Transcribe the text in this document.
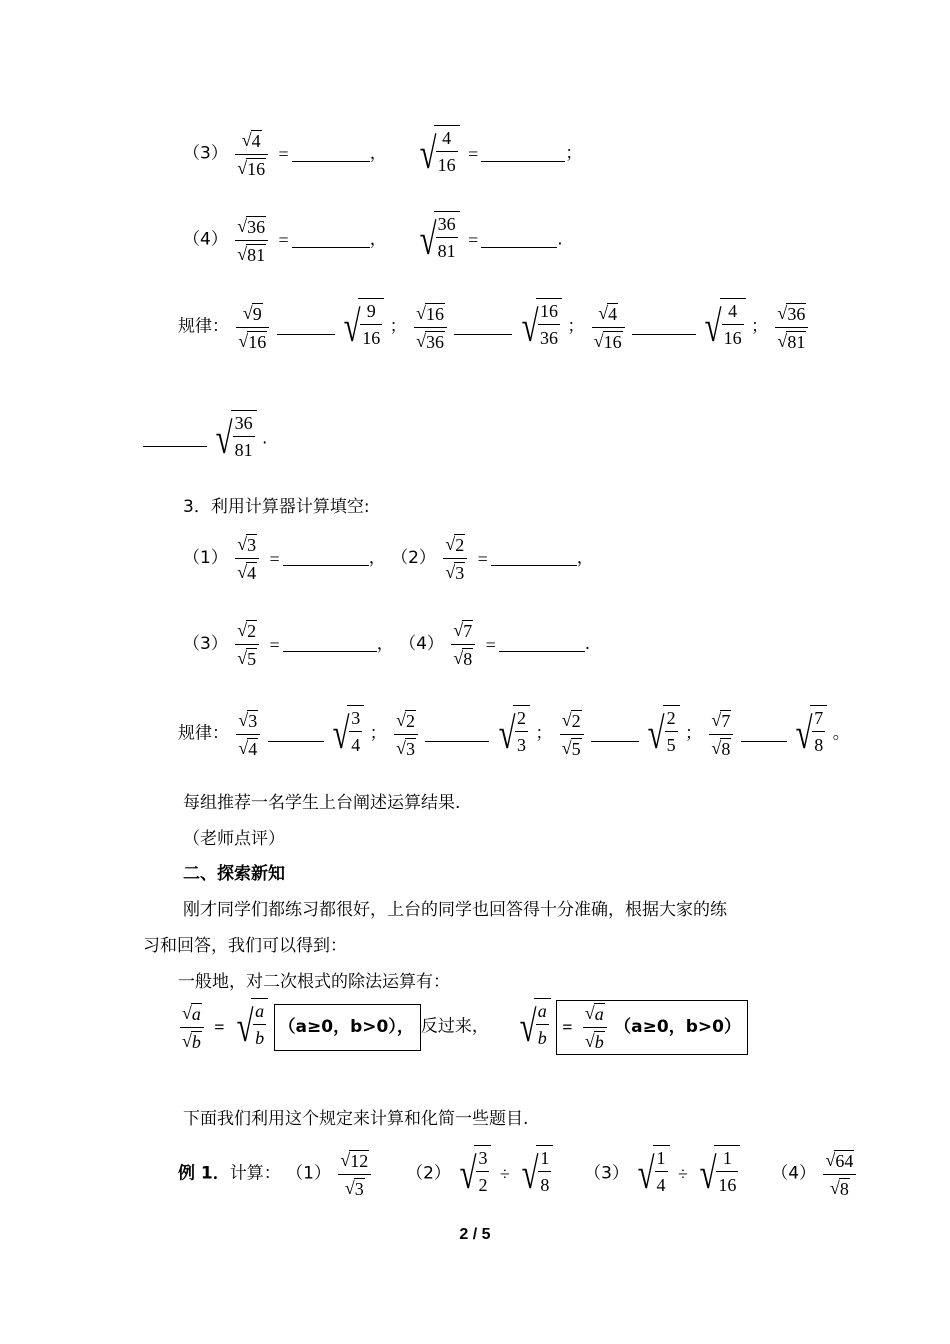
$(3) \frac{√ 4}{√ 16}$ =	， √ $\frac{4}{16}$ =	；
$(4) \frac{√ 36}{√ 81}$ =	， √ $\frac{36}{81}$ =	.
规律： $\frac{√ 9}{√ 16}$
√ $\frac{9}{16}$ ； $\frac{√ 16}{√ 36}$
√ $\frac{16}{36}$ ； $\frac{√ 4}{√ 16}$
√ $\frac{4}{16}$ ； $\frac{√ 36}{√ 81}$

√ $\frac{36}{81}$ .
3．利用计算器计算填空:
$(1) \frac{√ 3}{√ 4}$ =	， $(2) \frac{√ 2}{√ 3}$ =	，
$(3) \frac{√ 2}{√ 5}$ =	， $(4) \frac{√ 7}{√ 8}$ =	.
规律： $\frac{√ 3}{√ 4}$
√ $\frac{3}{4}$ ； $\frac{√ 2}{√ 3}$
√ $\frac{2}{3}$ ； $\frac{√ 2}{√ 5}$
√ $\frac{2}{5}$ ； $\frac{√ 7}{√ 8}$
√ $\frac{7}{8}$ 。
每组推荐一名学生上台阐述运算结果.
（老师点评）
二、探索新知
刚才同学们都练习都很好，上台的同学也回答得十分准确，根据大家的练
习和回答，我们可以得到：
一般地，对二次根式的除法运算有：
$\frac{√ a}{√ b}$ = √ $\frac{a}{b} (a\ge 0$，b>0）， 反过来， √ $\frac{a}{b} = \frac{√ a}{√ b} (a\ge 0$，b>0）
下面我们利用这个规定来计算和化简一些题目.
例 1．计算： $(1) \frac{√ 12}{√ 3} (2)$ √ $\frac{3}{2}$ ÷ √ $\frac{1}{8} (3)$ √ $\frac{1}{4}$ ÷ √ $\frac{1}{16} (4) \frac{√ 64}{√ 8}$
2 / 5
